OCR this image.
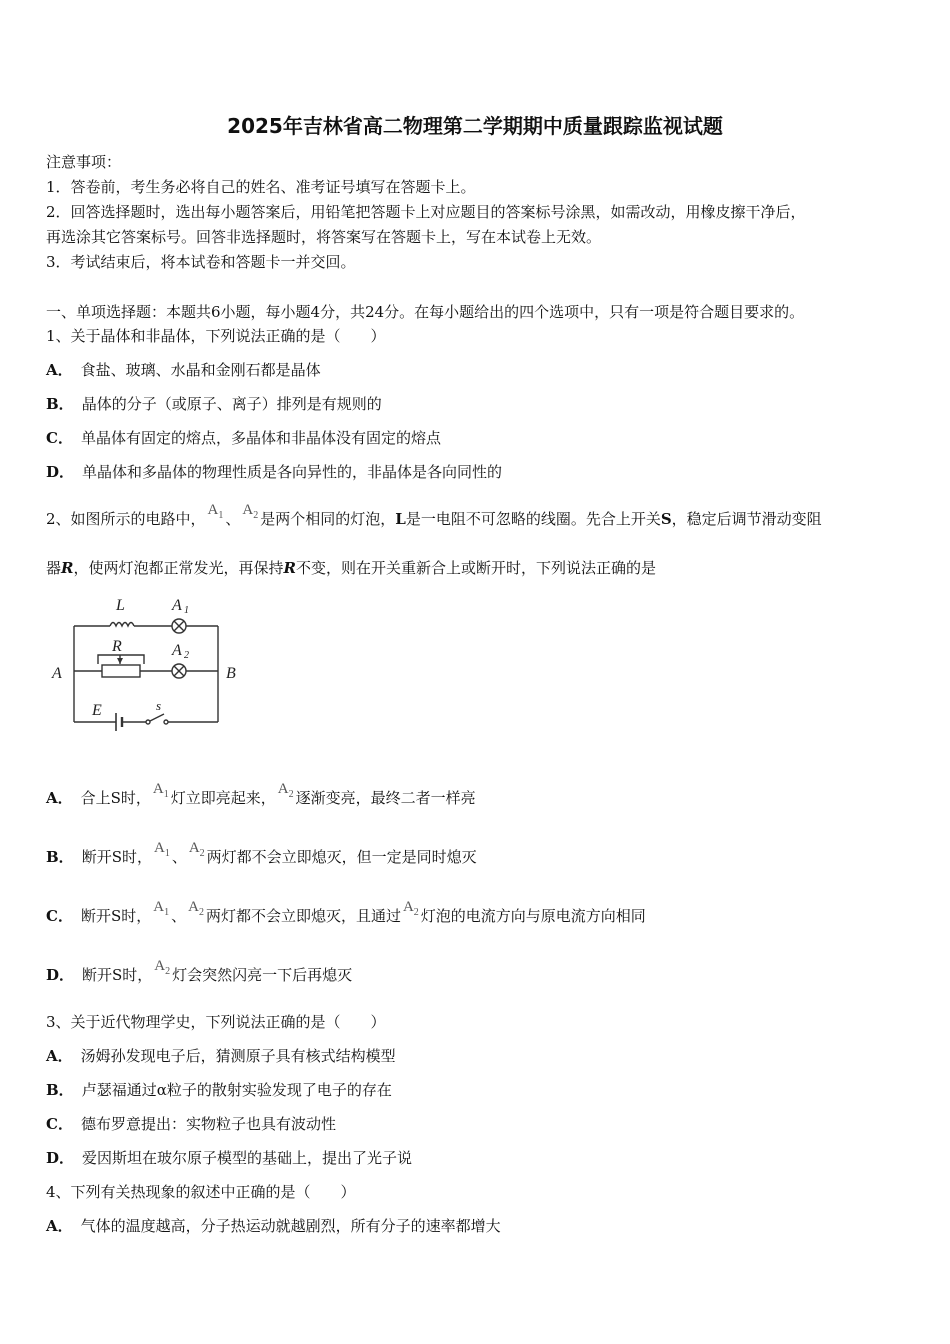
2025年吉林省高二物理第二学期期中质量跟踪监视试题
注意事项：
1．答卷前，考生务必将自己的姓名、准考证号填写在答题卡上。
2．回答选择题时，选出每小题答案后，用铅笔把答题卡上对应题目的答案标号涂黑，如需改动，用橡皮擦干净后，
再选涂其它答案标号。回答非选择题时，将答案写在答题卡上，写在本试卷上无效。
3．考试结束后，将本试卷和答题卡一并交回。
一、单项选择题：本题共6小题，每小题4分，共24分。在每小题给出的四个选项中，只有一项是符合题目要求的。
1、关于晶体和非晶体，下列说法正确的是（　　）
A． 食盐、玻璃、水晶和金刚石都是晶体
B． 晶体的分子（或原子、离子）排列是有规则的
C． 单晶体有固定的熔点，多晶体和非晶体没有固定的熔点
D． 单晶体和多晶体的物理性质是各向异性的，非晶体是各向同性的
2、如图所示的电路中， $A_1$ 、 $A_2$ 是两个相同的灯泡，L是一电阻不可忽略的线圈。先合上开关S，稳定后调节滑动变阻
器R，使两灯泡都正常发光，再保持R不变，则在开关重新合上或断开时，下列说法正确的是
L	A 1
R	A 2
A	B
E	s
A． 合上S时， $A_1$ 灯立即亮起来， $A_2$ 逐渐变亮，最终二者一样亮
B． 断开S时， $A_1$ 、 $A_2$ 两灯都不会立即熄灭，但一定是同时熄灭
C． 断开S时， $A_1$ 、 $A_2$ 两灯都不会立即熄灭，且通过 $A_2$ 灯泡的电流方向与原电流方向相同
D． 断开S时， $A_2$ 灯会突然闪亮一下后再熄灭
3、关于近代物理学史，下列说法正确的是（　　）
A． 汤姆孙发现电子后，猜测原子具有核式结构模型
B． 卢瑟福通过α粒子的散射实验发现了电子的存在
C． 德布罗意提出：实物粒子也具有波动性
D． 爱因斯坦在玻尔原子模型的基础上，提出了光子说
4、下列有关热现象的叙述中正确的是（　　）
A． 气体的温度越高，分子热运动就越剧烈，所有分子的速率都增大
